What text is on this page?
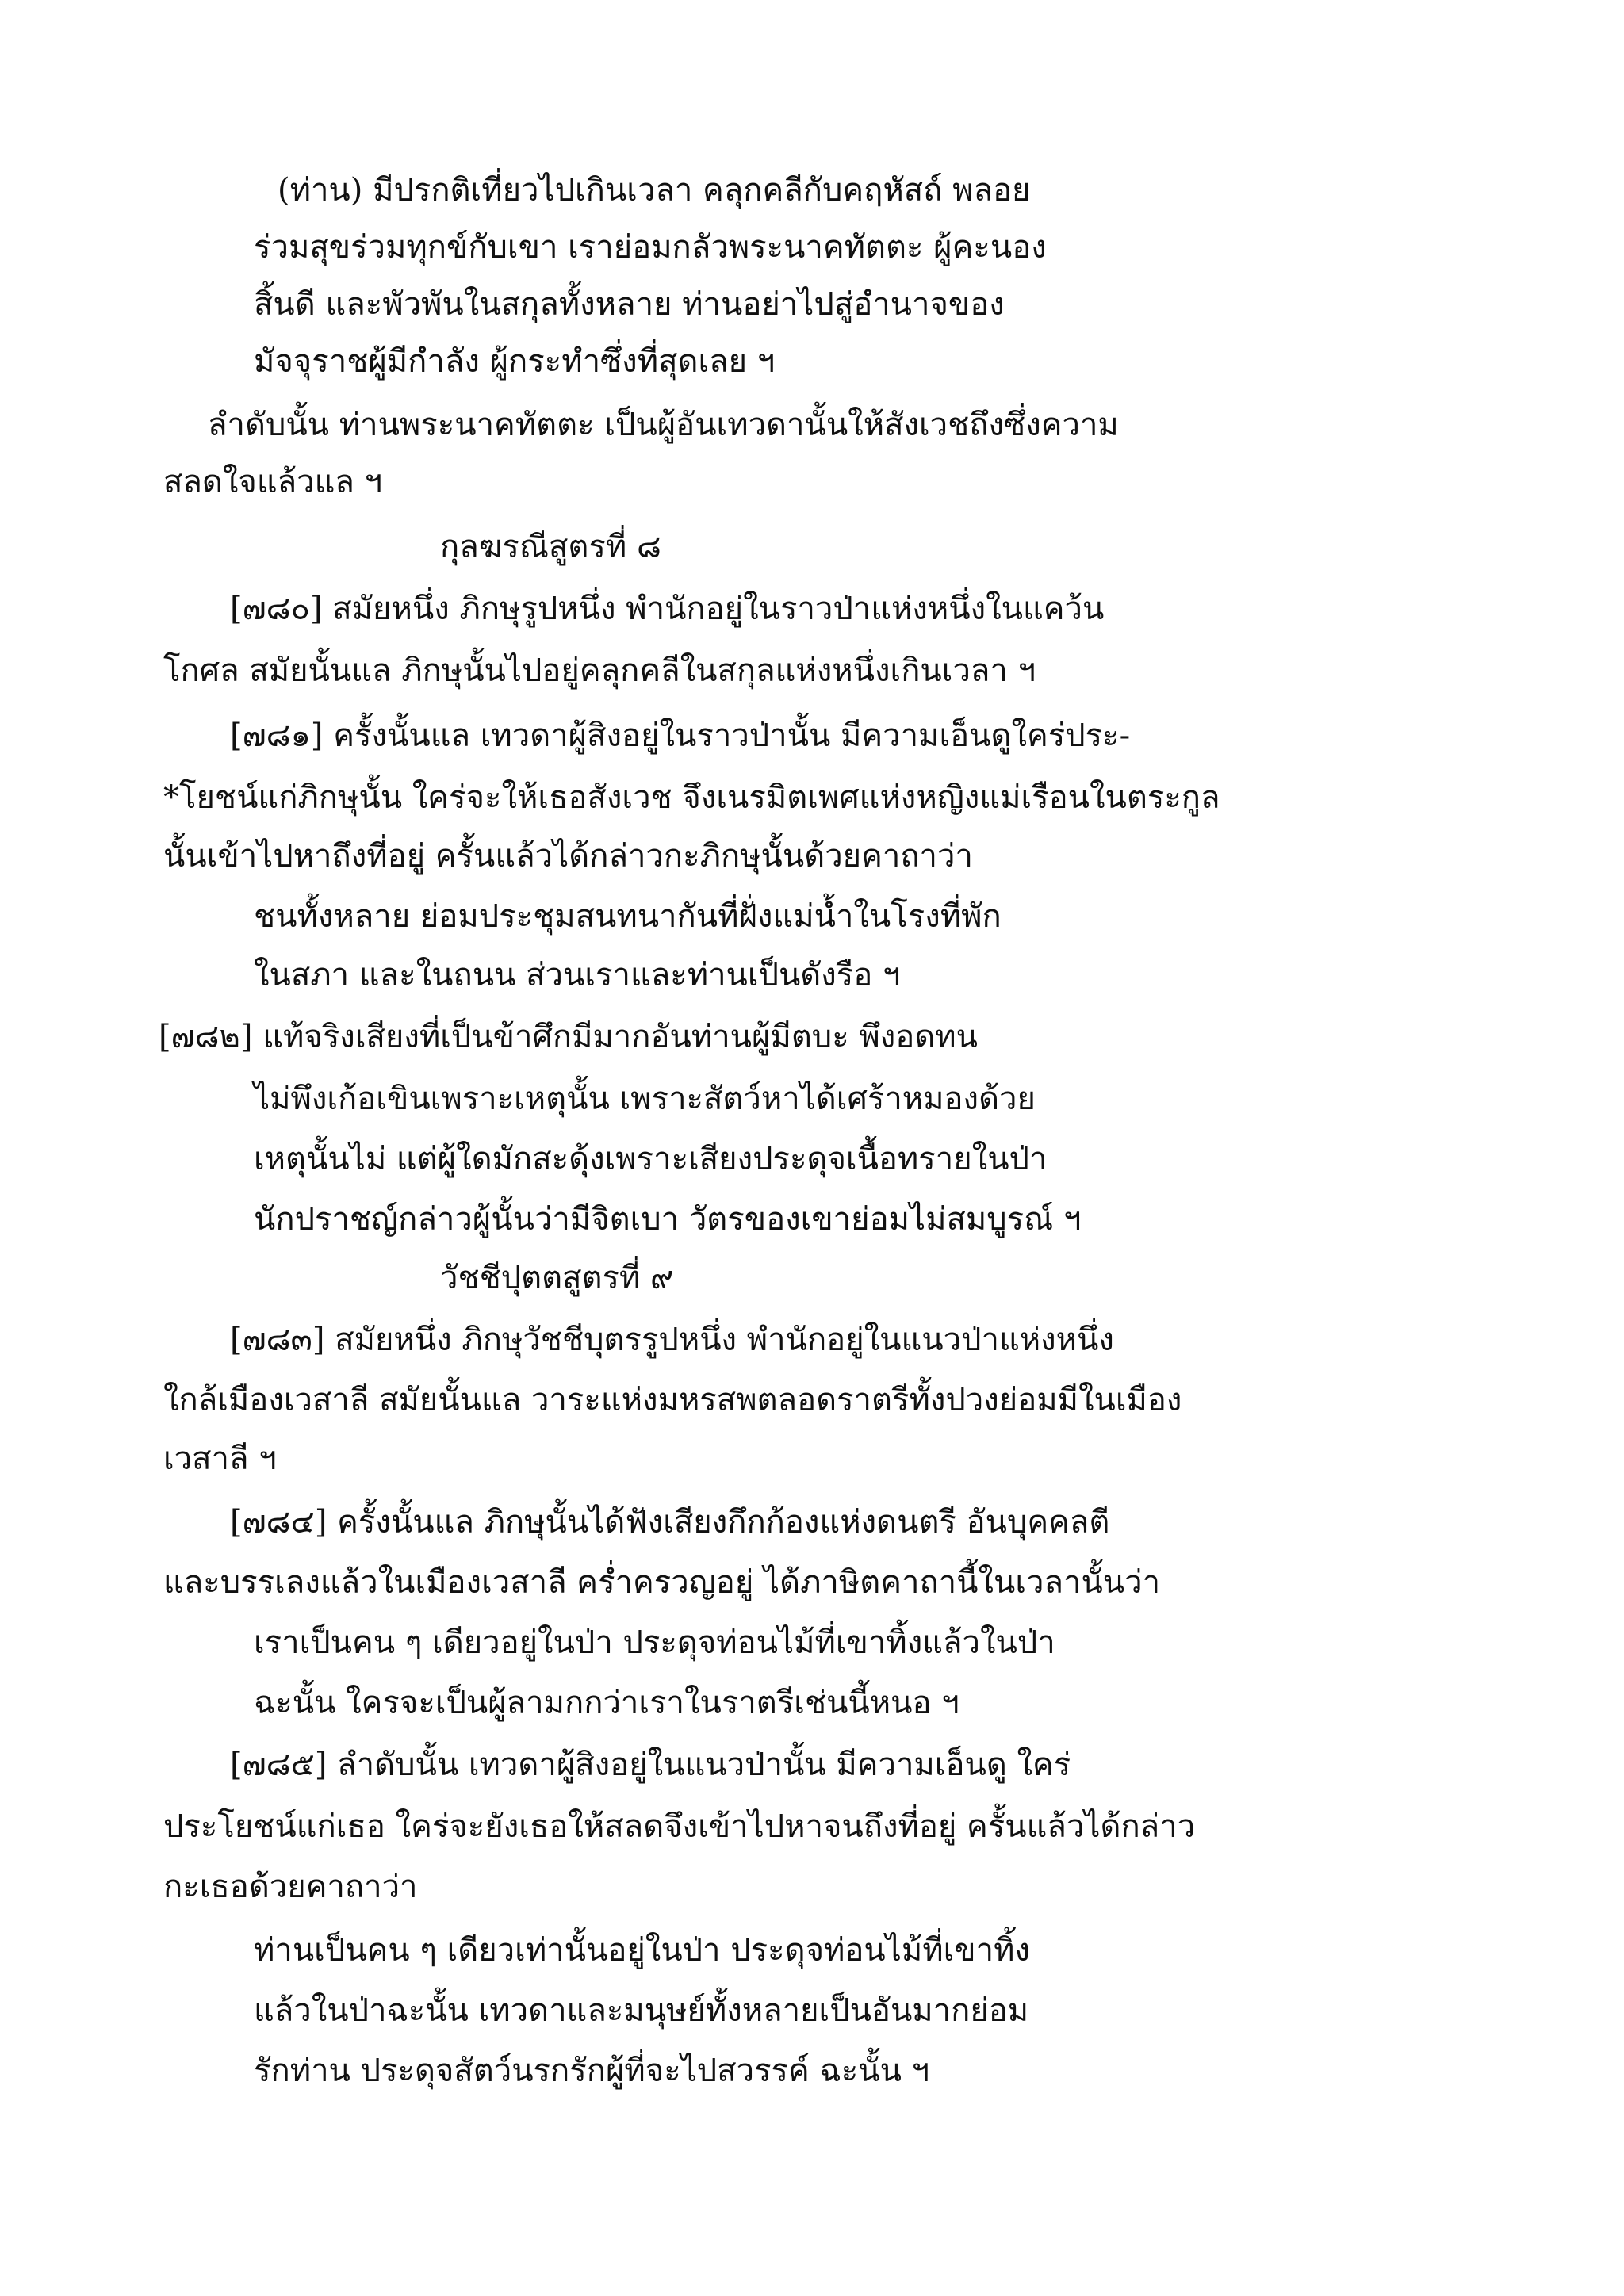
(ท่าน) มีปรกติเที่ยวไปเกินเวลา คลุกคลีกับคฤหัสถ์ พลอย
ร่วมสุขร่วมทุกข์กับเขา เราย่อมกลัวพระนาคทัตตะ ผู้คะนอง
สิ้นดี และพัวพันในสกุลทั้งหลาย ท่านอย่าไปสู่อำนาจของ
มัจจุราชผู้มีกำลัง ผู้กระทำซึ่งที่สุดเลย ฯ
ลำดับนั้น ท่านพระนาคทัตตะ เป็นผู้อันเทวดานั้นให้สังเวชถึงซึ่งความ
สลดใจแล้วแล ฯ
กุลฆรณีสูตรที่ ๘
[๗๘๐] สมัยหนึ่ง ภิกษุรูปหนึ่ง พำนักอยู่ในราวป่าแห่งหนึ่งในแคว้น
โกศล สมัยนั้นแล ภิกษุนั้นไปอยู่คลุกคลีในสกุลแห่งหนึ่งเกินเวลา ฯ
[๗๘๑] ครั้งนั้นแล เทวดาผู้สิงอยู่ในราวป่านั้น มีความเอ็นดูใคร่ประ-
*โยชน์แก่ภิกษุนั้น ใคร่จะให้เธอสังเวช จึงเนรมิตเพศแห่งหญิงแม่เรือนในตระกูล
นั้นเข้าไปหาถึงที่อยู่ ครั้นแล้วได้กล่าวกะภิกษุนั้นด้วยคาถาว่า
ชนทั้งหลาย ย่อมประชุมสนทนากันที่ฝั่งแม่น้ำในโรงที่พัก
ในสภา และในถนน ส่วนเราและท่านเป็นดังรือ ฯ
[๗๘๒] แท้จริงเสียงที่เป็นข้าศึกมีมากอันท่านผู้มีตบะ พึงอดทน
ไม่พึงเก้อเขินเพราะเหตุนั้น เพราะสัตว์หาได้เศร้าหมองด้วย
เหตุนั้นไม่ แต่ผู้ใดมักสะดุ้งเพราะเสียงประดุจเนื้อทรายในป่า
นักปราชญ์กล่าวผู้นั้นว่ามีจิตเบา วัตรของเขาย่อมไม่สมบูรณ์ ฯ
วัชชีปุตตสูตรที่ ๙
[๗๘๓] สมัยหนึ่ง ภิกษุวัชชีบุตรรูปหนึ่ง พำนักอยู่ในแนวป่าแห่งหนึ่ง
ใกล้เมืองเวสาลี สมัยนั้นแล วาระแห่งมหรสพตลอดราตรีทั้งปวงย่อมมีในเมือง
เวสาลี ฯ
[๗๘๔] ครั้งนั้นแล ภิกษุนั้นได้ฟังเสียงกึกก้องแห่งดนตรี อันบุคคลตี
และบรรเลงแล้วในเมืองเวสาลี คร่ำครวญอยู่ ได้ภาษิตคาถานี้ในเวลานั้นว่า
เราเป็นคน ๆ เดียวอยู่ในป่า ประดุจท่อนไม้ที่เขาทิ้งแล้วในป่า
ฉะนั้น ใครจะเป็นผู้ลามกกว่าเราในราตรีเช่นนี้หนอ ฯ
[๗๘๕] ลำดับนั้น เทวดาผู้สิงอยู่ในแนวป่านั้น มีความเอ็นดู ใคร่
ประโยชน์แก่เธอ ใคร่จะยังเธอให้สลดจึงเข้าไปหาจนถึงที่อยู่ ครั้นแล้วได้กล่าว
กะเธอด้วยคาถาว่า
ท่านเป็นคน ๆ เดียวเท่านั้นอยู่ในป่า ประดุจท่อนไม้ที่เขาทิ้ง
แล้วในป่าฉะนั้น เทวดาและมนุษย์ทั้งหลายเป็นอันมากย่อม
รักท่าน ประดุจสัตว์นรกรักผู้ที่จะไปสวรรค์ ฉะนั้น ฯ
